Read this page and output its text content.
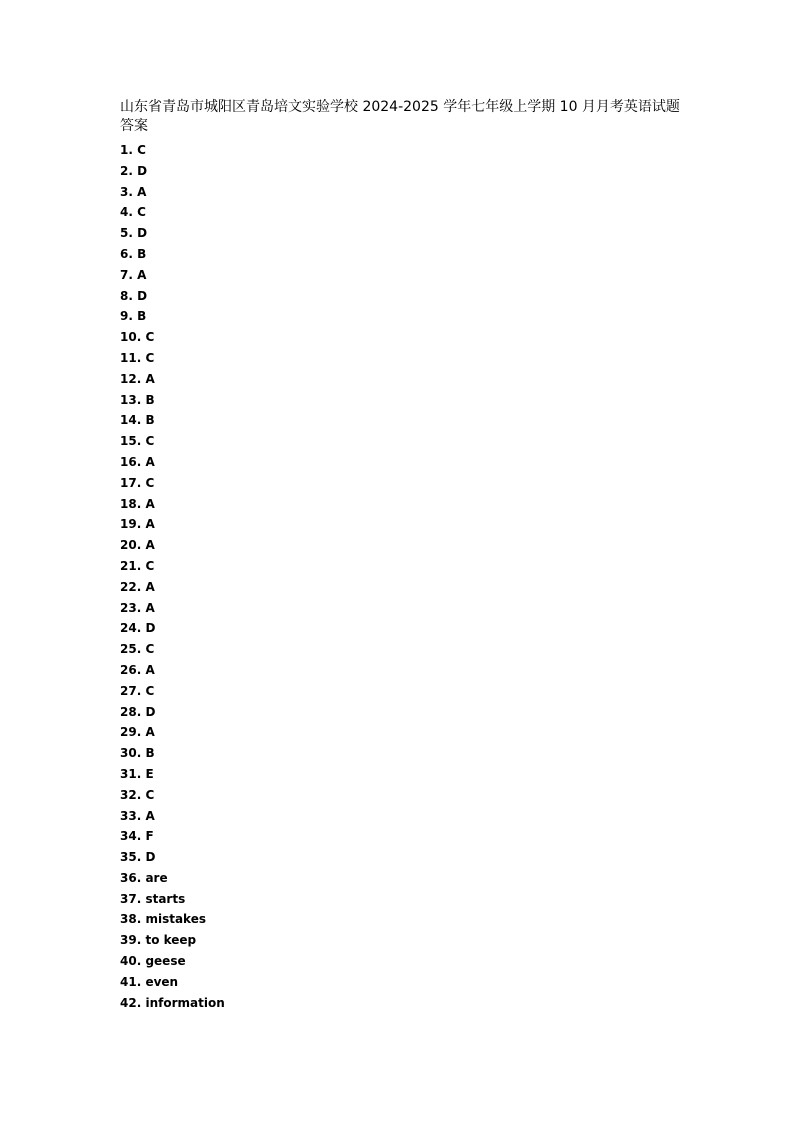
山东省青岛市城阳区青岛培文实验学校 2024-2025 学年七年级上学期 10 月月考英语试题答案
1 . C
2 . D
3 . A
4 . C
5 . D
6 . B
7 . A
8 . D
9 . B
10 . C
11 . C
12 . A
13 . B
14 . B
15 . C
16 . A
17 . C
18 . A
19 . A
20 . A
21 . C
22 . A
23 . A
24 . D
25 . C
26 . A
27 . C
28 . D
29 . A
30 . B
31 . E
32 . C
33 . A
34 . F
35 . D
36 . are
37 . starts
38 . mistakes
39 . to keep
40 . geese
41 . even
42 . information
